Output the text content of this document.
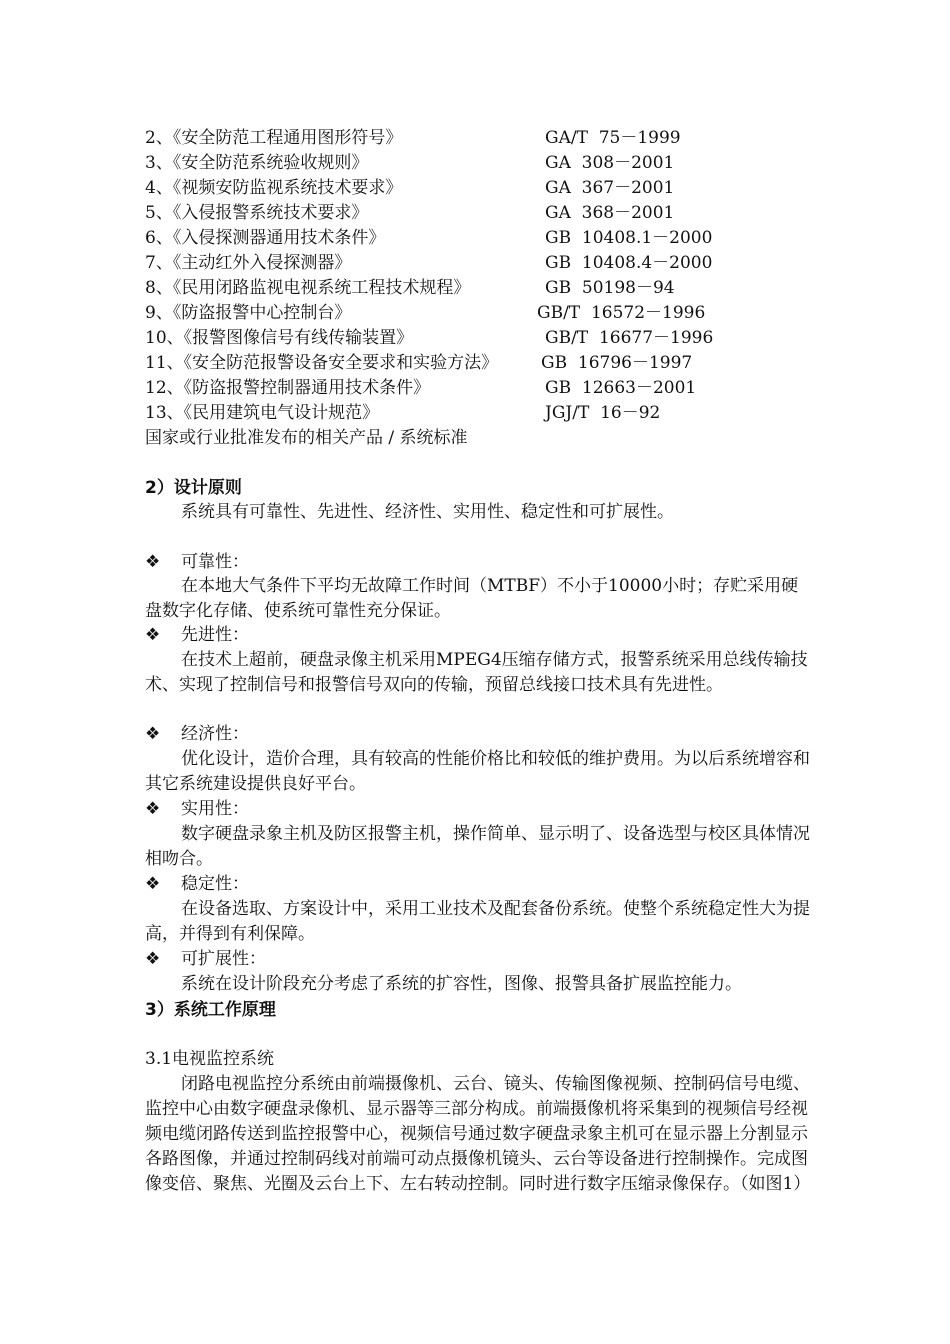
2、《安全防范工程通用图形符号》	GA/T  75－1999
3、《安全防范系统验收规则》	GA  308－2001
4、《视频安防监视系统技术要求》	GA  367－2001
5、《入侵报警系统技术要求》	GA  368－2001
6、《入侵探测器通用技术条件》	GB  10408.1－2000
7、《主动红外入侵探测器》	GB  10408.4－2000
8、《民用闭路监视电视系统工程技术规程》	GB  50198－94
9、《防盗报警中心控制台》	GB/T  16572－1996
10、《报警图像信号有线传输装置》	GB/T  16677－1996
11、《安全防范报警设备安全要求和实验方法》	GB  16796－1997
12、《防盗报警控制器通用技术条件》	GB  12663－2001
13、《民用建筑电气设计规范》	JGJ/T  16－92
国家或行业批准发布的相关产品 / 系统标准
2）设计原则
系统具有可靠性、先进性、经济性、实用性、稳定性和可扩展性。
❖ 可靠性：
在本地大气条件下平均无故障工作时间（MTBF）不小于10000小时；存贮采用硬盘数字化存储、使系统可靠性充分保证。
❖ 先进性：
在技术上超前，硬盘录像主机采用MPEG4压缩存储方式，报警系统采用总线传输技术、实现了控制信号和报警信号双向的传输，预留总线接口技术具有先进性。
❖ 经济性：
优化设计，造价合理，具有较高的性能价格比和较低的维护费用。为以后系统增容和其它系统建设提供良好平台。
❖ 实用性：
数字硬盘录象主机及防区报警主机，操作简单、显示明了、设备选型与校区具体情况相吻合。
❖ 稳定性：
在设备选取、方案设计中，采用工业技术及配套备份系统。使整个系统稳定性大为提高，并得到有利保障。
❖ 可扩展性：
系统在设计阶段充分考虑了系统的扩容性，图像、报警具备扩展监控能力。
3）系统工作原理
3.1电视监控系统
闭路电视监控分系统由前端摄像机、云台、镜头、传输图像视频、控制码信号电缆、监控中心由数字硬盘录像机、显示器等三部分构成。前端摄像机将采集到的视频信号经视频电缆闭路传送到监控报警中心，视频信号通过数字硬盘录象主机可在显示器上分割显示各路图像，并通过控制码线对前端可动点摄像机镜头、云台等设备进行控制操作。完成图像变倍、聚焦、光圈及云台上下、左右转动控制。同时进行数字压缩录像保存。（如图1）
